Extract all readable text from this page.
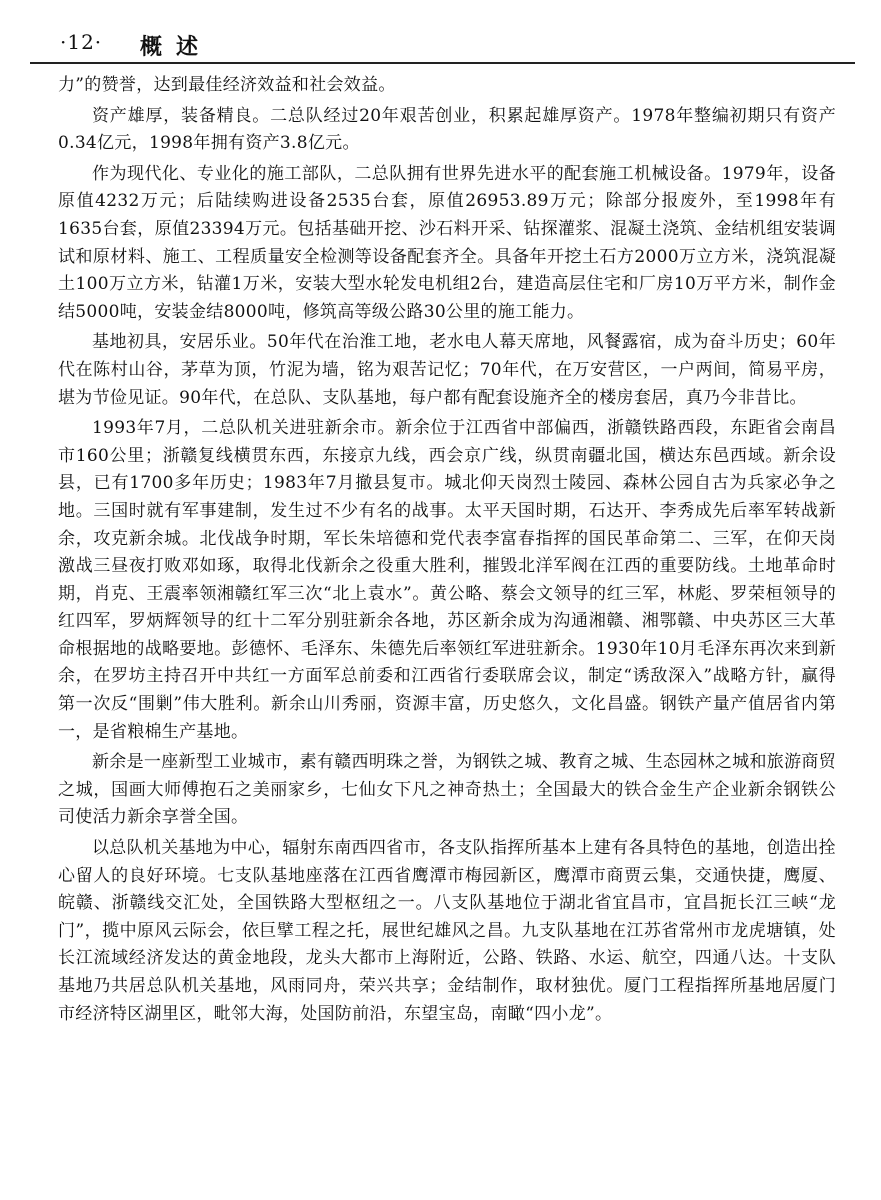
·12· 概述

力”的赞誉，达到最佳经济效益和社会效益。

资产雄厚，装备精良。二总队经过20年艰苦创业，积累起雄厚资产。1978年整编初期只有资产0.34亿元，1998年拥有资产3.8亿元。

作为现代化、专业化的施工部队，二总队拥有世界先进水平的配套施工机械设备。1979年，设备原值4232万元；后陆续购进设备2535台套，原值26953.89万元；除部分报废外，至1998年有1635台套，原值23394万元。包括基础开挖、沙石料开采、钻探灌浆、混凝土浇筑、金结机组安装调试和原材料、施工、工程质量安全检测等设备配套齐全。具备年开挖土石方2000万立方米，浇筑混凝土100万立方米，钻灌1万米，安装大型水轮发电机组2台，建造高层住宅和厂房10万平方米，制作金结5000吨，安装金结8000吨，修筑高等级公路30公里的施工能力。

基地初具，安居乐业。50年代在治淮工地，老水电人幕天席地，风餐露宿，成为奋斗历史；60年代在陈村山谷，茅草为顶，竹泥为墙，铭为艰苦记忆；70年代，在万安营区，一户两间，简易平房，堪为节俭见证。90年代，在总队、支队基地，每户都有配套设施齐全的楼房套居，真乃今非昔比。

1993年7月，二总队机关进驻新余市。新余位于江西省中部偏西，浙赣铁路西段，东距省会南昌市160公里；浙赣复线横贯东西，东接京九线，西会京广线，纵贯南疆北国，横达东邑西域。新余设县，已有1700多年历史；1983年7月撤县复市。城北仰天岗烈士陵园、森林公园自古为兵家必争之地。三国时就有军事建制，发生过不少有名的战事。太平天国时期，石达开、李秀成先后率军转战新余，攻克新余城。北伐战争时期，军长朱培德和党代表李富春指挥的国民革命第二、三军，在仰天岗激战三昼夜打败邓如琢，取得北伐新余之役重大胜利，摧毁北洋军阀在江西的重要防线。土地革命时期，肖克、王震率领湘赣红军三次“北上袁水”。黄公略、蔡会文领导的红三军，林彪、罗荣桓领导的红四军，罗炳辉领导的红十二军分别驻新余各地，苏区新余成为沟通湘赣、湘鄂赣、中央苏区三大革命根据地的战略要地。彭德怀、毛泽东、朱德先后率领红军进驻新余。1930年10月毛泽东再次来到新余，在罗坊主持召开中共红一方面军总前委和江西省行委联席会议，制定“诱敌深入”战略方针，赢得第一次反“围剿”伟大胜利。新余山川秀丽，资源丰富，历史悠久，文化昌盛。钢铁产量产值居省内第一，是省粮棉生产基地。

新余是一座新型工业城市，素有赣西明珠之誉，为钢铁之城、教育之城、生态园林之城和旅游商贸之城，国画大师傅抱石之美丽家乡，七仙女下凡之神奇热土；全国最大的铁合金生产企业新余钢铁公司使活力新余享誉全国。

以总队机关基地为中心，辐射东南西四省市，各支队指挥所基本上建有各具特色的基地，创造出拴心留人的良好环境。七支队基地座落在江西省鹰潭市梅园新区，鹰潭市商贾云集，交通快捷，鹰厦、皖赣、浙赣线交汇处，全国铁路大型枢纽之一。八支队基地位于湖北省宜昌市，宜昌扼长江三峡“龙门”，揽中原风云际会，依巨擘工程之托，展世纪雄风之昌。九支队基地在江苏省常州市龙虎塘镇，处长江流域经济发达的黄金地段，龙头大都市上海附近，公路、铁路、水运、航空，四通八达。十支队基地乃共居总队机关基地，风雨同舟，荣兴共享；金结制作，取材独优。厦门工程指挥所基地居厦门市经济特区湖里区，毗邻大海，处国防前沿，东望宝岛，南瞰“四小龙”。
